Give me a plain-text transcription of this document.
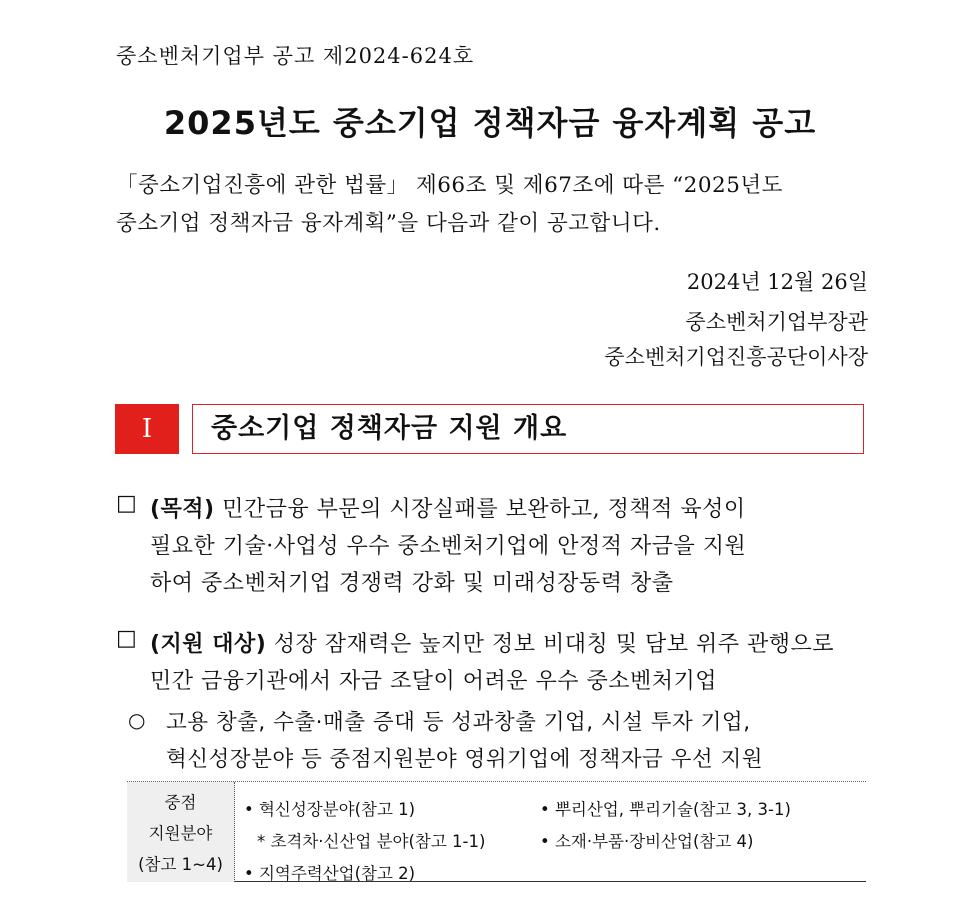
중소벤처기업부 공고 제2024-624호
2025년도 중소기업 정책자금 융자계획 공고
「중소기업진흥에 관한 법률」 제66조 및 제67조에 따른 “2025년도
중소기업 정책자금 융자계획”을 다음과 같이 공고합니다.
2024년 12월 26일
중소벤처기업부장관
중소벤처기업진흥공단이사장
I	중소기업 정책자금 지원 개요
□ (목적) 민간금융 부문의 시장실패를 보완하고, 정책적 육성이
필요한 기술·사업성 우수 중소벤처기업에 안정적 자금을 지원
하여 중소벤처기업 경쟁력 강화 및 미래성장동력 창출
□ (지원 대상) 성장 잠재력은 높지만 정보 비대칭 및 담보 위주 관행으로
민간 금융기관에서 자금 조달이 어려운 우수 중소벤처기업
○ 고용 창출, 수출·매출 증대 등 성과창출 기업, 시설 투자 기업,
혁신성장분야 등 중점지원분야 영위기업에 정책자금 우선 지원
중점
지원분야
(참고 1~4)
• 혁신성장분야(참고 1)
* 초격차·신산업 분야(참고 1-1)
• 지역주력산업(참고 2)
• 뿌리산업, 뿌리기술(참고 3, 3-1)
• 소재·부품·장비산업(참고 4)
